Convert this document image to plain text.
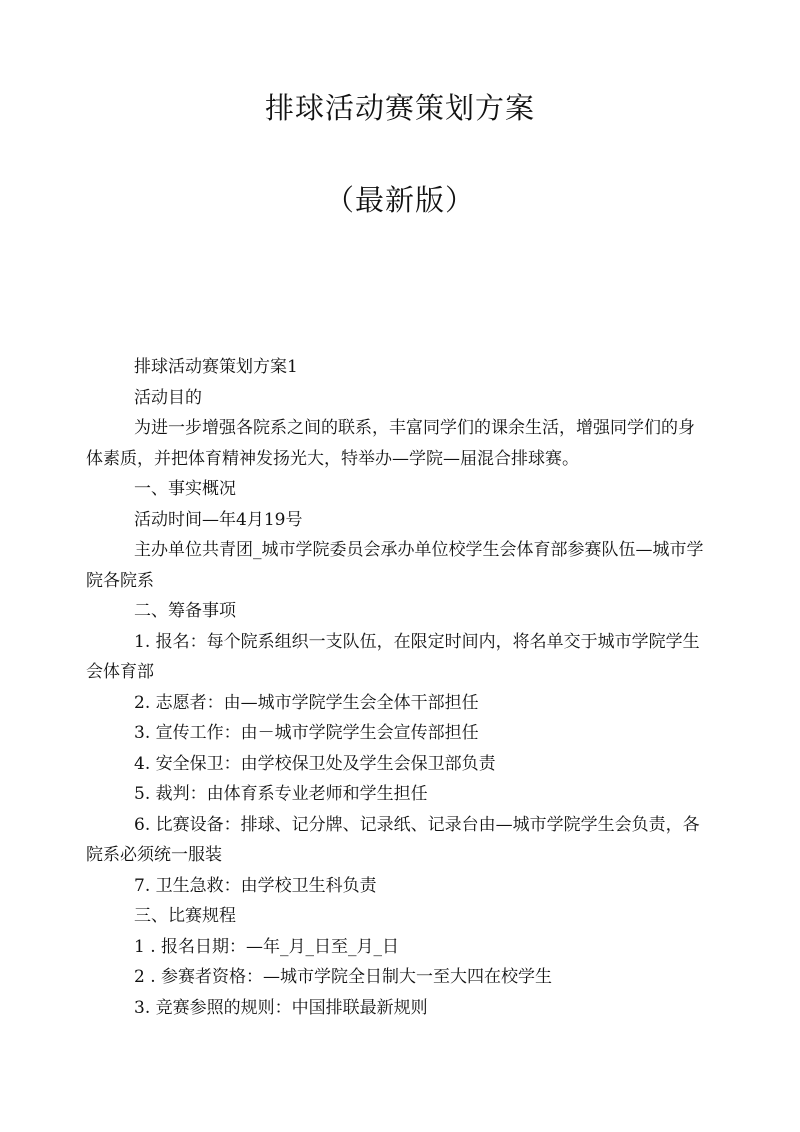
排球活动赛策划方案
（最新版）

排球活动赛策划方案1

活动目的

为进一步增强各院系之间的联系，丰富同学们的课余生活，增强同学们的身体素质，并把体育精神发扬光大，特举办—学院—届混合排球赛。

一、事实概况

活动时间—年4月19号

主办单位共青团_城市学院委员会承办单位校学生会体育部参赛队伍—城市学院各院系

二、筹备事项

1. 报名：每个院系组织一支队伍，在限定时间内，将名单交于城市学院学生会体育部

2. 志愿者：由—城市学院学生会全体干部担任

3. 宣传工作：由－城市学院学生会宣传部担任

4. 安全保卫：由学校保卫处及学生会保卫部负责

5. 裁判：由体育系专业老师和学生担任

6. 比赛设备：排球、记分牌、记录纸、记录台由—城市学院学生会负责，各院系必须统一服装

7. 卫生急救：由学校卫生科负责

三、比赛规程

1 . 报名日期：—年_月_日至_月_日

2 . 参赛者资格：—城市学院全日制大一至大四在校学生

3. 竞赛参照的规则：中国排联最新规则
